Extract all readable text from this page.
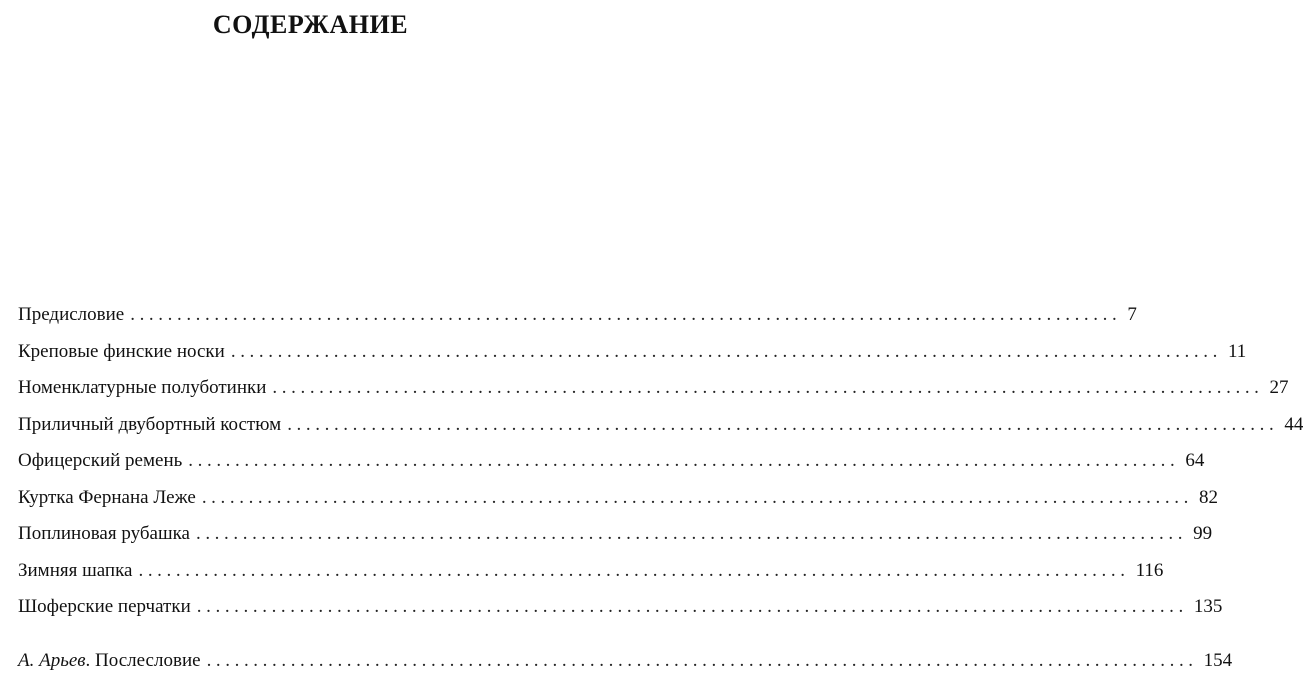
СОДЕРЖАНИЕ
Предисловие .......................................................................................................... 7
Креповые финские носки .......................................................................................................... 11
Номенклатурные полуботинки .......................................................................................................... 27
Приличный двубортный костюм .......................................................................................................... 44
Офицерский ремень .......................................................................................................... 64
Куртка Фернана Леже .......................................................................................................... 82
Поплиновая рубашка .......................................................................................................... 99
Зимняя шапка .......................................................................................................... 116
Шоферские перчатки .......................................................................................................... 135
А. Арьев. Послесловие .......................................................................................................... 154
